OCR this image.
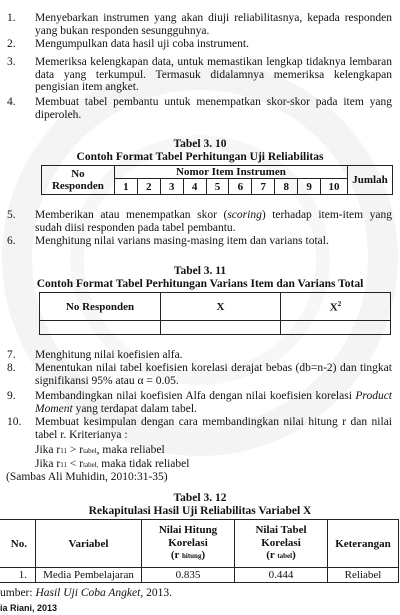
1.	Menyebarkan instrumen yang akan diuji reliabilitasnya, kepada responden yang bukan responden sesungguhnya.
2.	Mengumpulkan data hasil uji coba instrument.
3.	Memeriksa kelengkapan data, untuk memastikan lengkap tidaknya lembaran data yang terkumpul. Termasuk didalamnya memeriksa kelengkapan pengisian item angket.
4.	Membuat tabel pembantu untuk menempatkan skor-skor pada item yang diperoleh.
Tabel 3. 10
Contoh Format Tabel Perhitungan Uji Reliabilitas
No
Responden	Nomor Item Instrumen										Jumlah
	1	2	3	4	5	6	7	8	9	10	
5.	Memberikan atau menempatkan skor (scoring) terhadap item-item yang sudah diisi responden pada tabel pembantu.
6.	Menghitung nilai varians masing-masing item dan varians total.
Tabel 3. 11
Contoh Format Tabel Perhitungan Varians Item dan Varians Total
No Responden	X	$X^2$

7.	Menghitung nilai koefisien alfa.
8.	Menentukan nilai tabel koefisien korelasi derajat bebas (db=n-2) dan tingkat signifikansi 95% atau α = 0.05.
9.	Membandingkan nilai koefisien Alfa dengan nilai koefisien korelasi Product Moment yang terdapat dalam tabel.
10.	Membuat kesimpulan dengan cara membandingkan nilai hitung r dan nilai tabel r. Kriterianya :
Jika r11 > rtabel, maka reliabel
Jika r11 < rtabel, maka tidak reliabel
(Sambas Ali Muhidin, 2010:31-35)
Tabel 3. 12
Rekapitulasi Hasil Uji Reliabilitas Variabel X
No.	Variabel	Nilai Hitung
Korelasi
(r hitung)	Nilai Tabel
Korelasi
(r tabel)	Keterangan
1.	Media Pembelajaran	0.835	0.444	Reliabel
umber: Hasil Uji Coba Angket, 2013.
ia Riani, 2013
